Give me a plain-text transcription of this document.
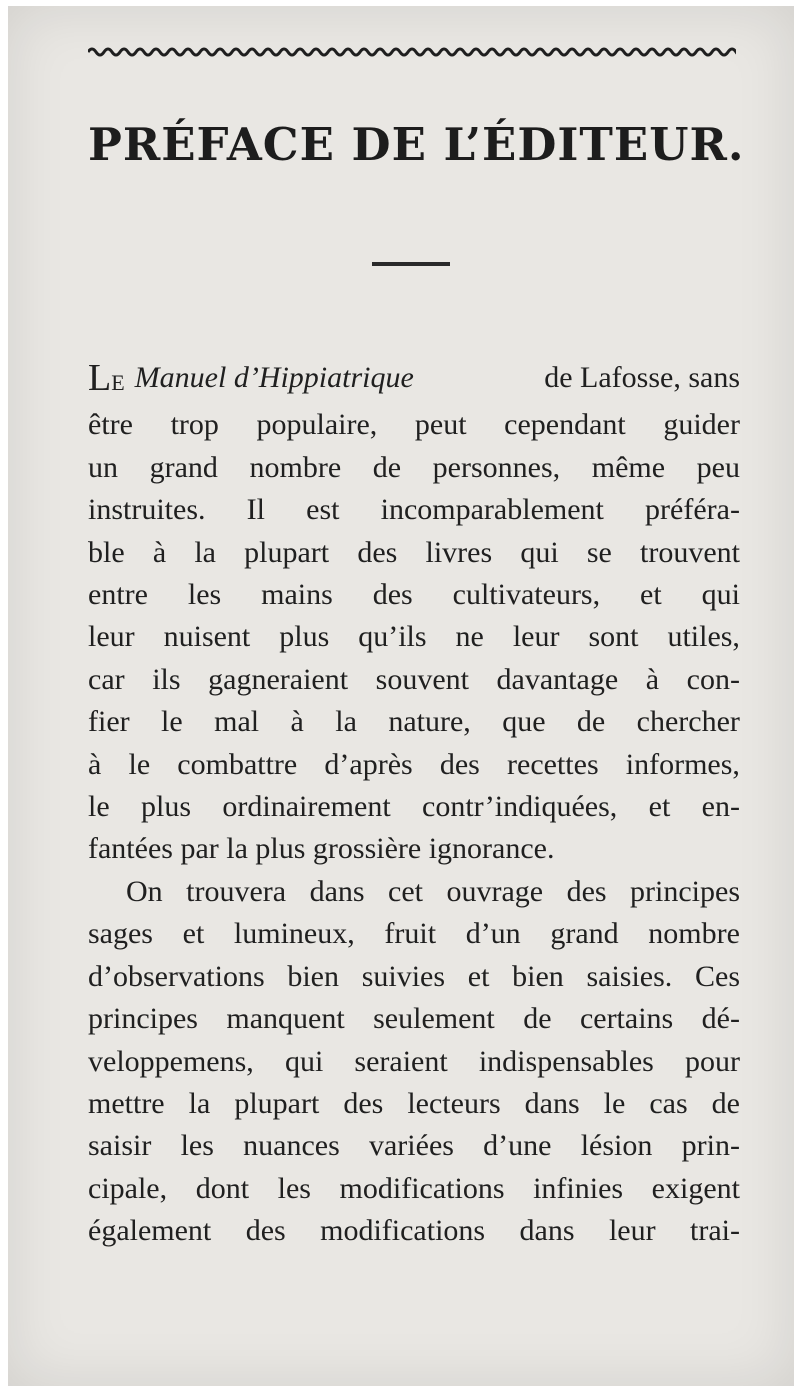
PRÉFACE DE L’ÉDITEUR.
LE Manuel d’Hippiatrique	de Lafosse, sans
être trop populaire, peut cependant guider
un grand nombre de personnes, même peu
instruites. Il est incomparablement préféra-
ble à la plupart des livres qui se trouvent
entre les mains des cultivateurs, et qui
leur nuisent plus qu’ils ne leur sont utiles,
car ils gagneraient souvent davantage à con-
fier le mal à la nature, que de chercher
à le combattre d’après des recettes informes,
le plus ordinairement contr’indiquées, et en-
fantées par la plus grossière ignorance.
On trouvera dans cet ouvrage des principes
sages et lumineux, fruit d’un grand nombre
d’observations bien suivies et bien saisies. Ces
principes manquent seulement de certains dé-
veloppemens, qui seraient indispensables pour
mettre la plupart des lecteurs dans le cas de
saisir les nuances variées d’une lésion prin-
cipale, dont les modifications infinies exigent
également des modifications dans leur trai-
